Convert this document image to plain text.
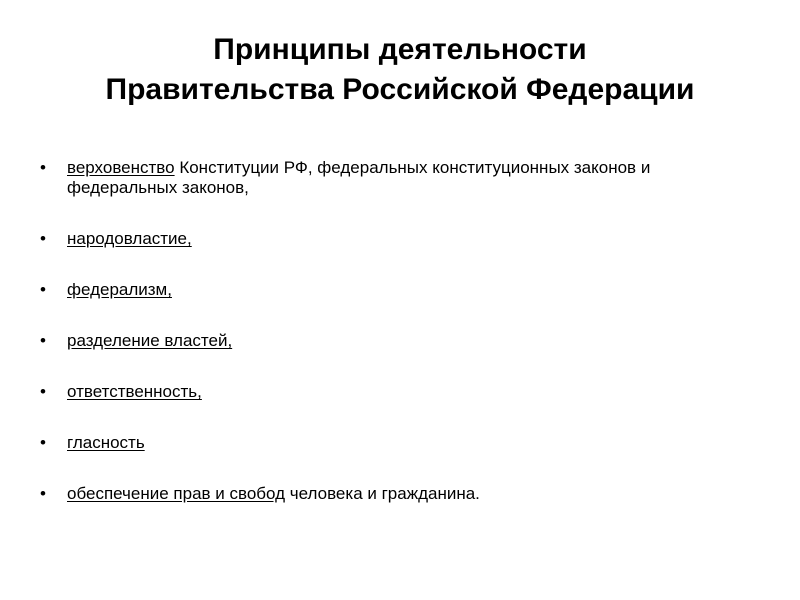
Принципы деятельности
Правительства Российской Федерации
• верховенство Конституции РФ, федеральных конституционных законов и федеральных законов,
• народовластие,
• федерализм,
• разделение властей,
• ответственность,
• гласность
• обеспечение прав и свобод человека и гражданина.
